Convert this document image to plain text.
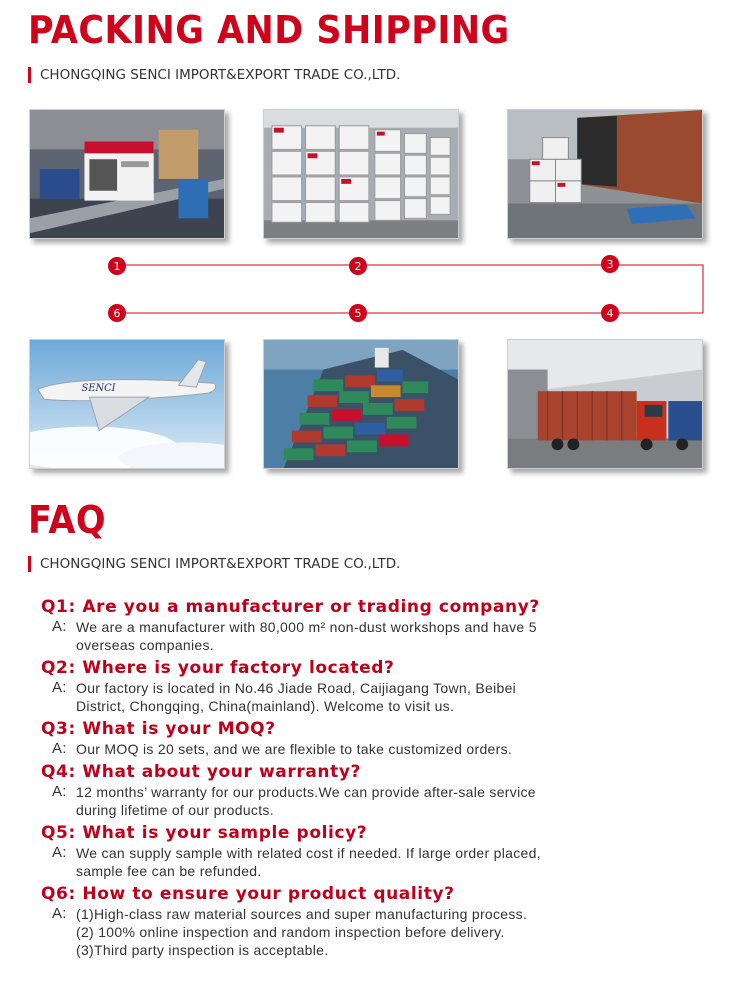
PACKING AND SHIPPING
CHONGQING SENCI IMPORT&EXPORT TRADE CO.,LTD.
1	2	3
4
5
6
SENCI
FAQ
CHONGQING SENCI IMPORT&EXPORT TRADE CO.,LTD.
Q1: Are you a manufacturer or trading company?
A: We are a manufacturer with 80,000 m² non-dust workshops and have 5
overseas companies.
Q2: Where is your factory located?
A: Our factory is located in No.46 Jiade Road, Caijiagang Town, Beibei
District, Chongqing, China(mainland). Welcome to visit us.
Q3: What is your MOQ?
A: Our MOQ is 20 sets, and we are flexible to take customized orders.
Q4: What about your warranty?
A: 12 months’ warranty for our products.We can provide after-sale service
during lifetime of our products.
Q5: What is your sample policy?
A: We can supply sample with related cost if needed. If large order placed,
sample fee can be refunded.
Q6: How to ensure your product quality?
A: (1)High-class raw material sources and super manufacturing process.
(2) 100% online inspection and random inspection before delivery.
(3)Third party inspection is acceptable.
